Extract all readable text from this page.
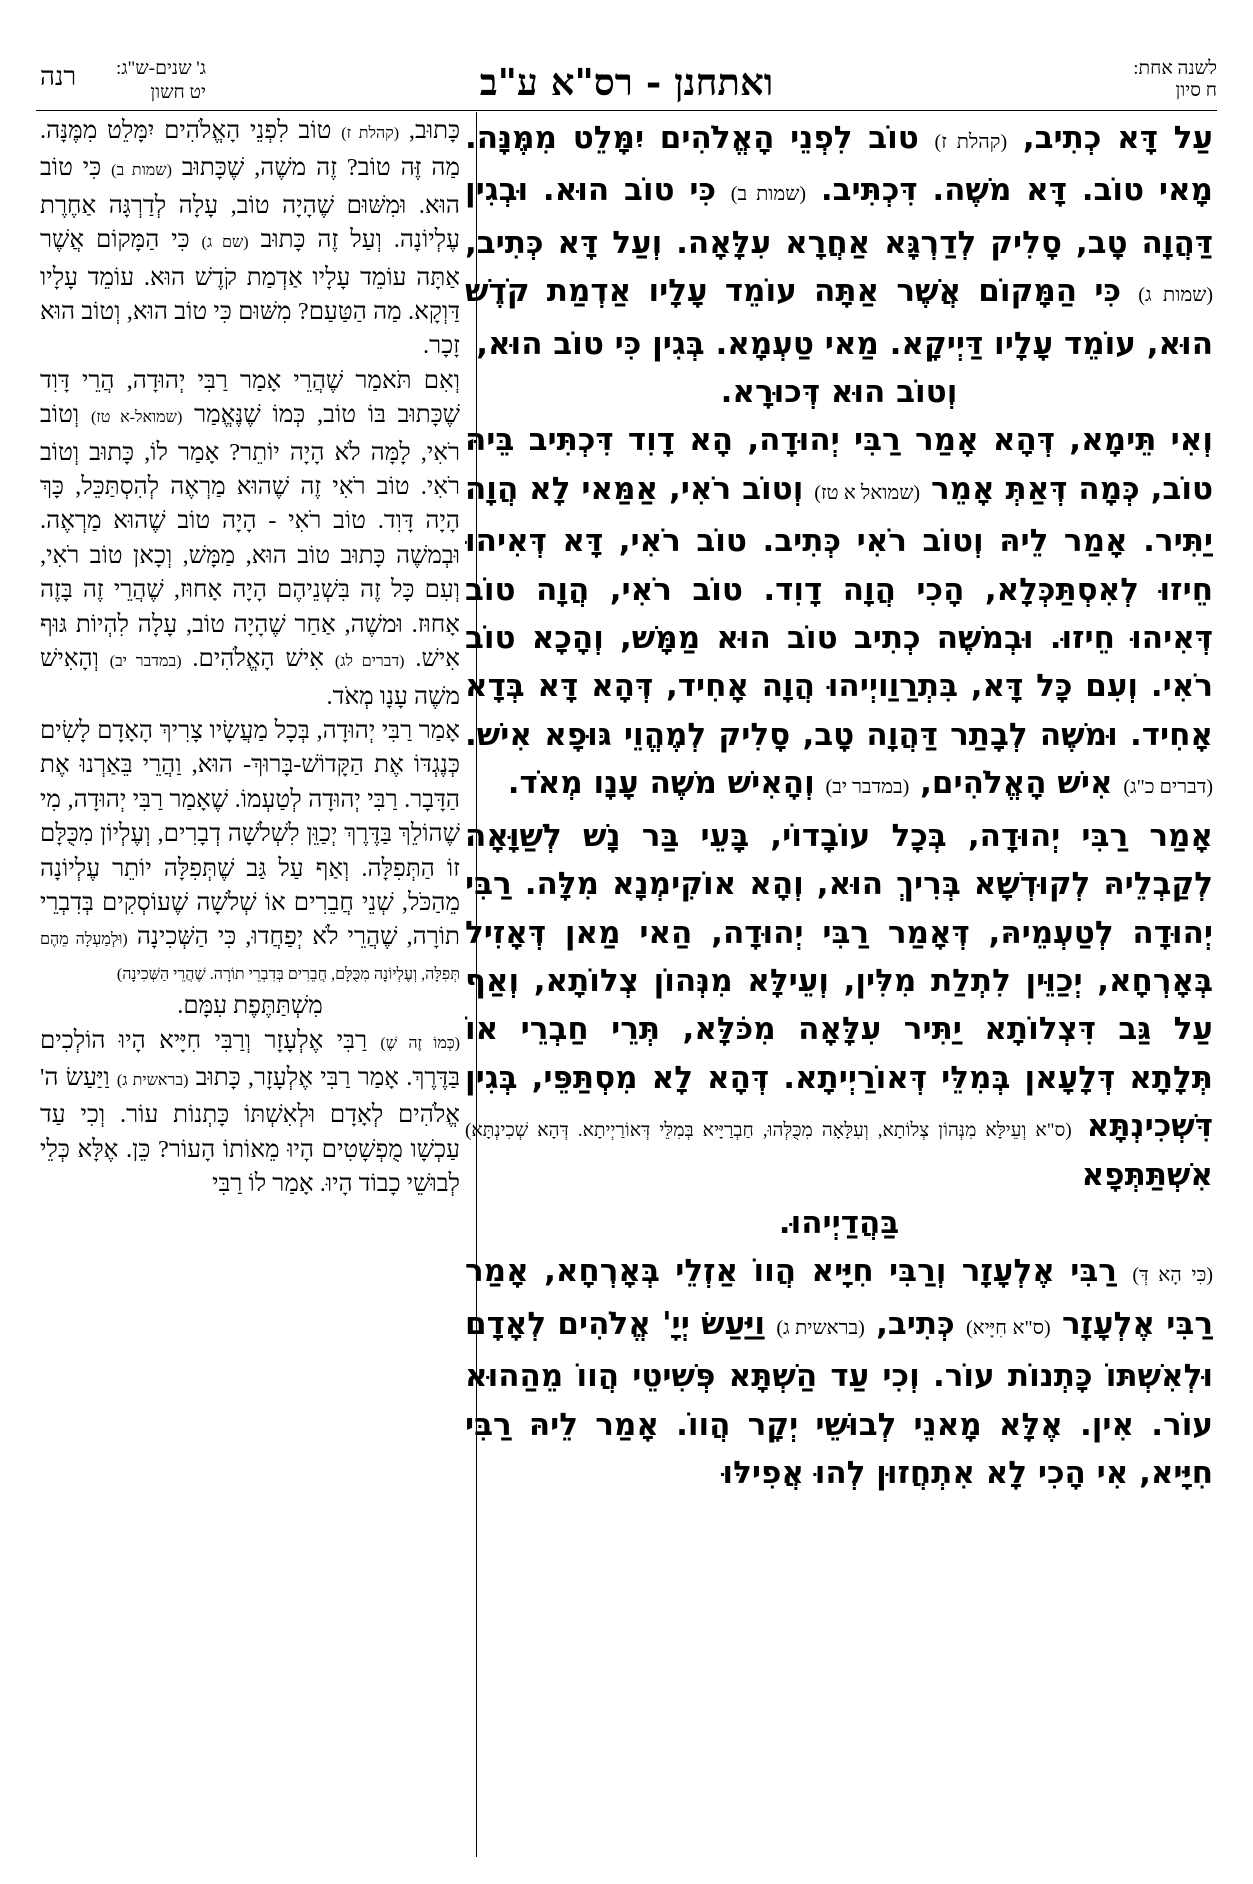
לשנה אחת:
ח סיון
ואתחנן - רס"א ע"ב
ג' שנים-ש"ג:
יט חשון
רנה

עַל דָּא כְתִיב, (קהלת ז) טוֹב לִפְנֵי הָאֱלֹהִים יִמָּלֵט מִמֶּנָּה. מָאי טוֹב. דָּא משֶׁה. דִּכְתִּיב. (שמות ב) כִּי טוֹב הוּא. וּבְגִין דַּהֲוָה טָב, סָלִיק לְדַרְגָּא אַחֲרָא עִלָּאָה. וְעַל דָּא כְּתִיב, (שמות ג) כִּי הַמָּקוֹם אֲשֶׁר אַתָּה עוֹמֵד עָלָיו אַדְמַת קֹדֶשׁ הוּא, עוֹמֵד עָלָיו דַּיְיקָא. מַאי טַעְמָא. בְּגִין כִּי טוֹב הוּא,

וְטוֹב הוּא דְּכוּרָא.

וְאִי תֵּימָא, דְּהָא אָמַר רַבִּי יְהוּדָה, הָא דָוִד דִּכְתִּיב בֵּיהּ טוֹב, כְּמָה דְּאַתְּ אָמֵר (שמואל א טז) וְטוֹב רֹאִי, אַמַּאי לָא הֲוָה יַתִּיר. אָמַר לֵיהּ וְטוֹב רֹאִי כְּתִיב. טוֹב רֹאִי, דָּא דְּאִיהוּ חֵיזוּ לְאִסְתַּכְּלָא, הָכִי הֲוָה דָוִד. טוֹב רֹאִי, הֲוָה טוֹב דְּאִיהוּ חֵיזוּ. וּבְמשֶׁה כְתִיב טוֹב הוּא מַמָּשׁ, וְהָכָא טוֹב רֹאִי. וְעִם כָּל דָּא, בִּתְרַוַויְיהוּ הֲוָה אָחִיד, דְּהָא דָּא בְּדָא אָחִיד. וּמשֶׁה לְבָתַר דַּהֲוָה טָב, סָלִיק לְמֶהֱוֵי גּוּפָא אִישׁ. (דברים כ"ג) אִישׁ הָאֱלֹהִים, (במדבר יב) וְהָאִישׁ משֶׁה עָנָו מְאֹד.

אָמַר רַבִּי יְהוּדָה, בְּכָל עוֹבָדוֹי, בָּעֵי בַּר נָשׁ לְשַׁוָּאָה לְקַבְלֵיהּ לְקוּדְשָׁא בְּרִיךְ הוּא, וְהָא אוֹקִימְנָא מִלָּה. רַבִּי יְהוּדָה לְטַעְמֵיהּ, דְּאָמַר רַבִּי יְהוּדָה, הַאי מַאן דְּאָזִיל בְּאָרְחָא, יְכַוֵּין לִתְלַת מִלִּין, וְעֵילָּא מִנְּהוֹן צְלוֹתָא, וְאַף עַל גַּב דִּצְלוֹתָא יַתִּיר עִלָּאָה מִכֹּלָּא, תְּרֵי חַבְרֵי אוֹ תְּלָתָא דְּלָעָאן בְּמִלֵּי דְּאוֹרַיְיתָא. דְּהָא לָא מִסְתַּפֵּי, בְּגִין דִּשְׁכִינְתָּא (ס"א וְעֵילָּא מִנְּהוֹן צְלוֹתָא, וְעִלָּאָה מִכֻּלְּהוּ, חַבְרַיָּיא בְּמִלֵּי דְּאוֹרַיְיתָא. דְּהָא שְׁכִינְתָּא) אִשְׁתַּתְּפָא

בַּהֲדַיְיהוּ.

(כִּי הָא דְּ) רַבִּי אֶלְעָזָר וְרַבִּי חִיָּיא הֲווֹ אַזְלֵי בְּאָרְחָא, אָמַר רַבִּי אֶלְעָזָר (ס"א חִיָּיא) כְּתִיב, (בראשית ג) וַיַּעַשׂ יְיָ' אֱלֹהִים לְאָדָם וּלְאִשְׁתּוֹ כָּתְנוֹת עוֹר. וְכִי עַד הַשְׁתָּא פְּשִׁיטֵי הֲווֹ מֵהַהוּא עוֹר. אִין. אֶלָּא מָאנֵי לְבוּשֵׁי יְקָר הֲווֹ. אָמַר לֵיהּ רַבִּי חִיָּיא, אִי הָכִי לָא אִתְחֲזוּן לְהוּ אֲפִילּוּ

כָּתוּב, (קהלת ז) טוֹב לִפְנֵי הָאֱלֹהִים יִמָּלֵט מִמֶּנָּה. מַה זֶּה טוֹב? זֶה משֶׁה, שֶׁכָּתוּב (שמות ב) כִּי טוֹב הוּא. וּמִשּׁוּם שֶׁהָיָה טוֹב, עָלָה לְדַרְגָּה אַחֶרֶת עֶלְיוֹנָה. וְעַל זֶה כָּתוּב (שם ג) כִּי הַמָּקוֹם אֲשֶׁר אַתָּה עוֹמֵד עָלָיו אַדְמַת קֹדֶשׁ הוּא. עוֹמֵד עָלָיו דַּוְקָא. מַה הַטַּעַם? מִשּׁוּם כִּי טוֹב הוּא, וְטוֹב הוּא זָכָר.

וְאִם תֹּאמַר שֶׁהֲרֵי אָמַר רַבִּי יְהוּדָה, הֲרֵי דָּוִד שֶׁכָּתוּב בּוֹ טוֹב, כְּמוֹ שֶׁנֶּאֱמַר (שמואל-א טז) וְטוֹב רֹאִי, לָמָּה לֹא הָיָה יוֹתֵר? אָמַר לוֹ, כָּתוּב וְטוֹב רֹאִי. טוֹב רֹאִי זֶה שֶׁהוּא מַרְאֶה לְהִסְתַּכֵּל, כָּךְ הָיָה דָּוִד. טוֹב רֹאִי - הָיָה טוֹב שֶׁהוּא מַרְאֶה. וּבְמשֶׁה כָּתוּב טוֹב הוּא, מַמָּשׁ, וְכָאן טוֹב רֹאִי, וְעִם כָּל זֶה בִּשְׁנֵיהֶם הָיָה אָחוּז, שֶׁהֲרֵי זֶה בָּזֶה אָחוּז. וּמשֶׁה, אַחַר שֶׁהָיָה טוֹב, עָלָה לִהְיוֹת גּוּף אִישׁ. (דברים לג) אִישׁ הָאֱלֹהִים. (במדבר יב) וְהָאִישׁ משֶׁה עָנָו מְאֹד.

אָמַר רַבִּי יְהוּדָה, בְּכָל מַעֲשָׂיו צָרִיךְ הָאָדָם לָשִׂים כְּנֶגְדּוֹ אֶת הַקָּדוֹשׁ-בָּרוּךְ- הוּא, וַהֲרֵי בֵּאַרְנוּ אֶת הַדָּבָר. רַבִּי יְהוּדָה לְטַעְמוֹ. שֶׁאָמַר רַבִּי יְהוּדָה, מִי שֶׁהוֹלֵךְ בַּדֶּרֶךְ יְכַוֵּן לִשְׁלֹשָׁה דְבָרִים, וְעֶלְיוֹן מִכֻּלָּם זוֹ הַתְּפִלָּה. וְאַף עַל גַּב שֶׁתְּפִלָּה יוֹתֵר עֶלְיוֹנָה מֵהַכֹּל, שְׁנֵי חֲבֵרִים אוֹ שְׁלֹשָׁה שֶׁעוֹסְקִים בְּדִבְרֵי תוֹרָה, שֶׁהֲרֵי לֹא יְפַחֲדוּ, כִּי הַשְּׁכִינָה (וּלְמַעְלָה מֵהֶם תְּפִלָּה, וְעֶלְיוֹנָה מִכֻּלָּם, חֲבֵרִים בְּדִבְרֵי תוֹרָה. שֶׁהֲרֵי הַשְּׁכִינָה)

מִשְׁתַּתֶּפֶת עִמָּם.

(כְּמוֹ זֶה שֶׁ) רַבִּי אֶלְעָזָר וְרַבִּי חִיָּיא הָיוּ הוֹלְכִים בַּדֶּרֶךְ. אָמַר רַבִּי אֶלְעָזָר, כָּתוּב (בראשית ג) וַיַּעַשׂ ה' אֱלֹהִים לְאָדָם וּלְאִשְׁתּוֹ כָּתְנוֹת עוֹר. וְכִי עַד עַכְשָׁו מֻפְשָׁטִים הָיוּ מֵאוֹתוֹ הָעוֹר? כֵּן. אֶלָּא כְּלֵי לְבוּשֵׁי כָבוֹד הָיוּ. אָמַר לוֹ רַבִּי
